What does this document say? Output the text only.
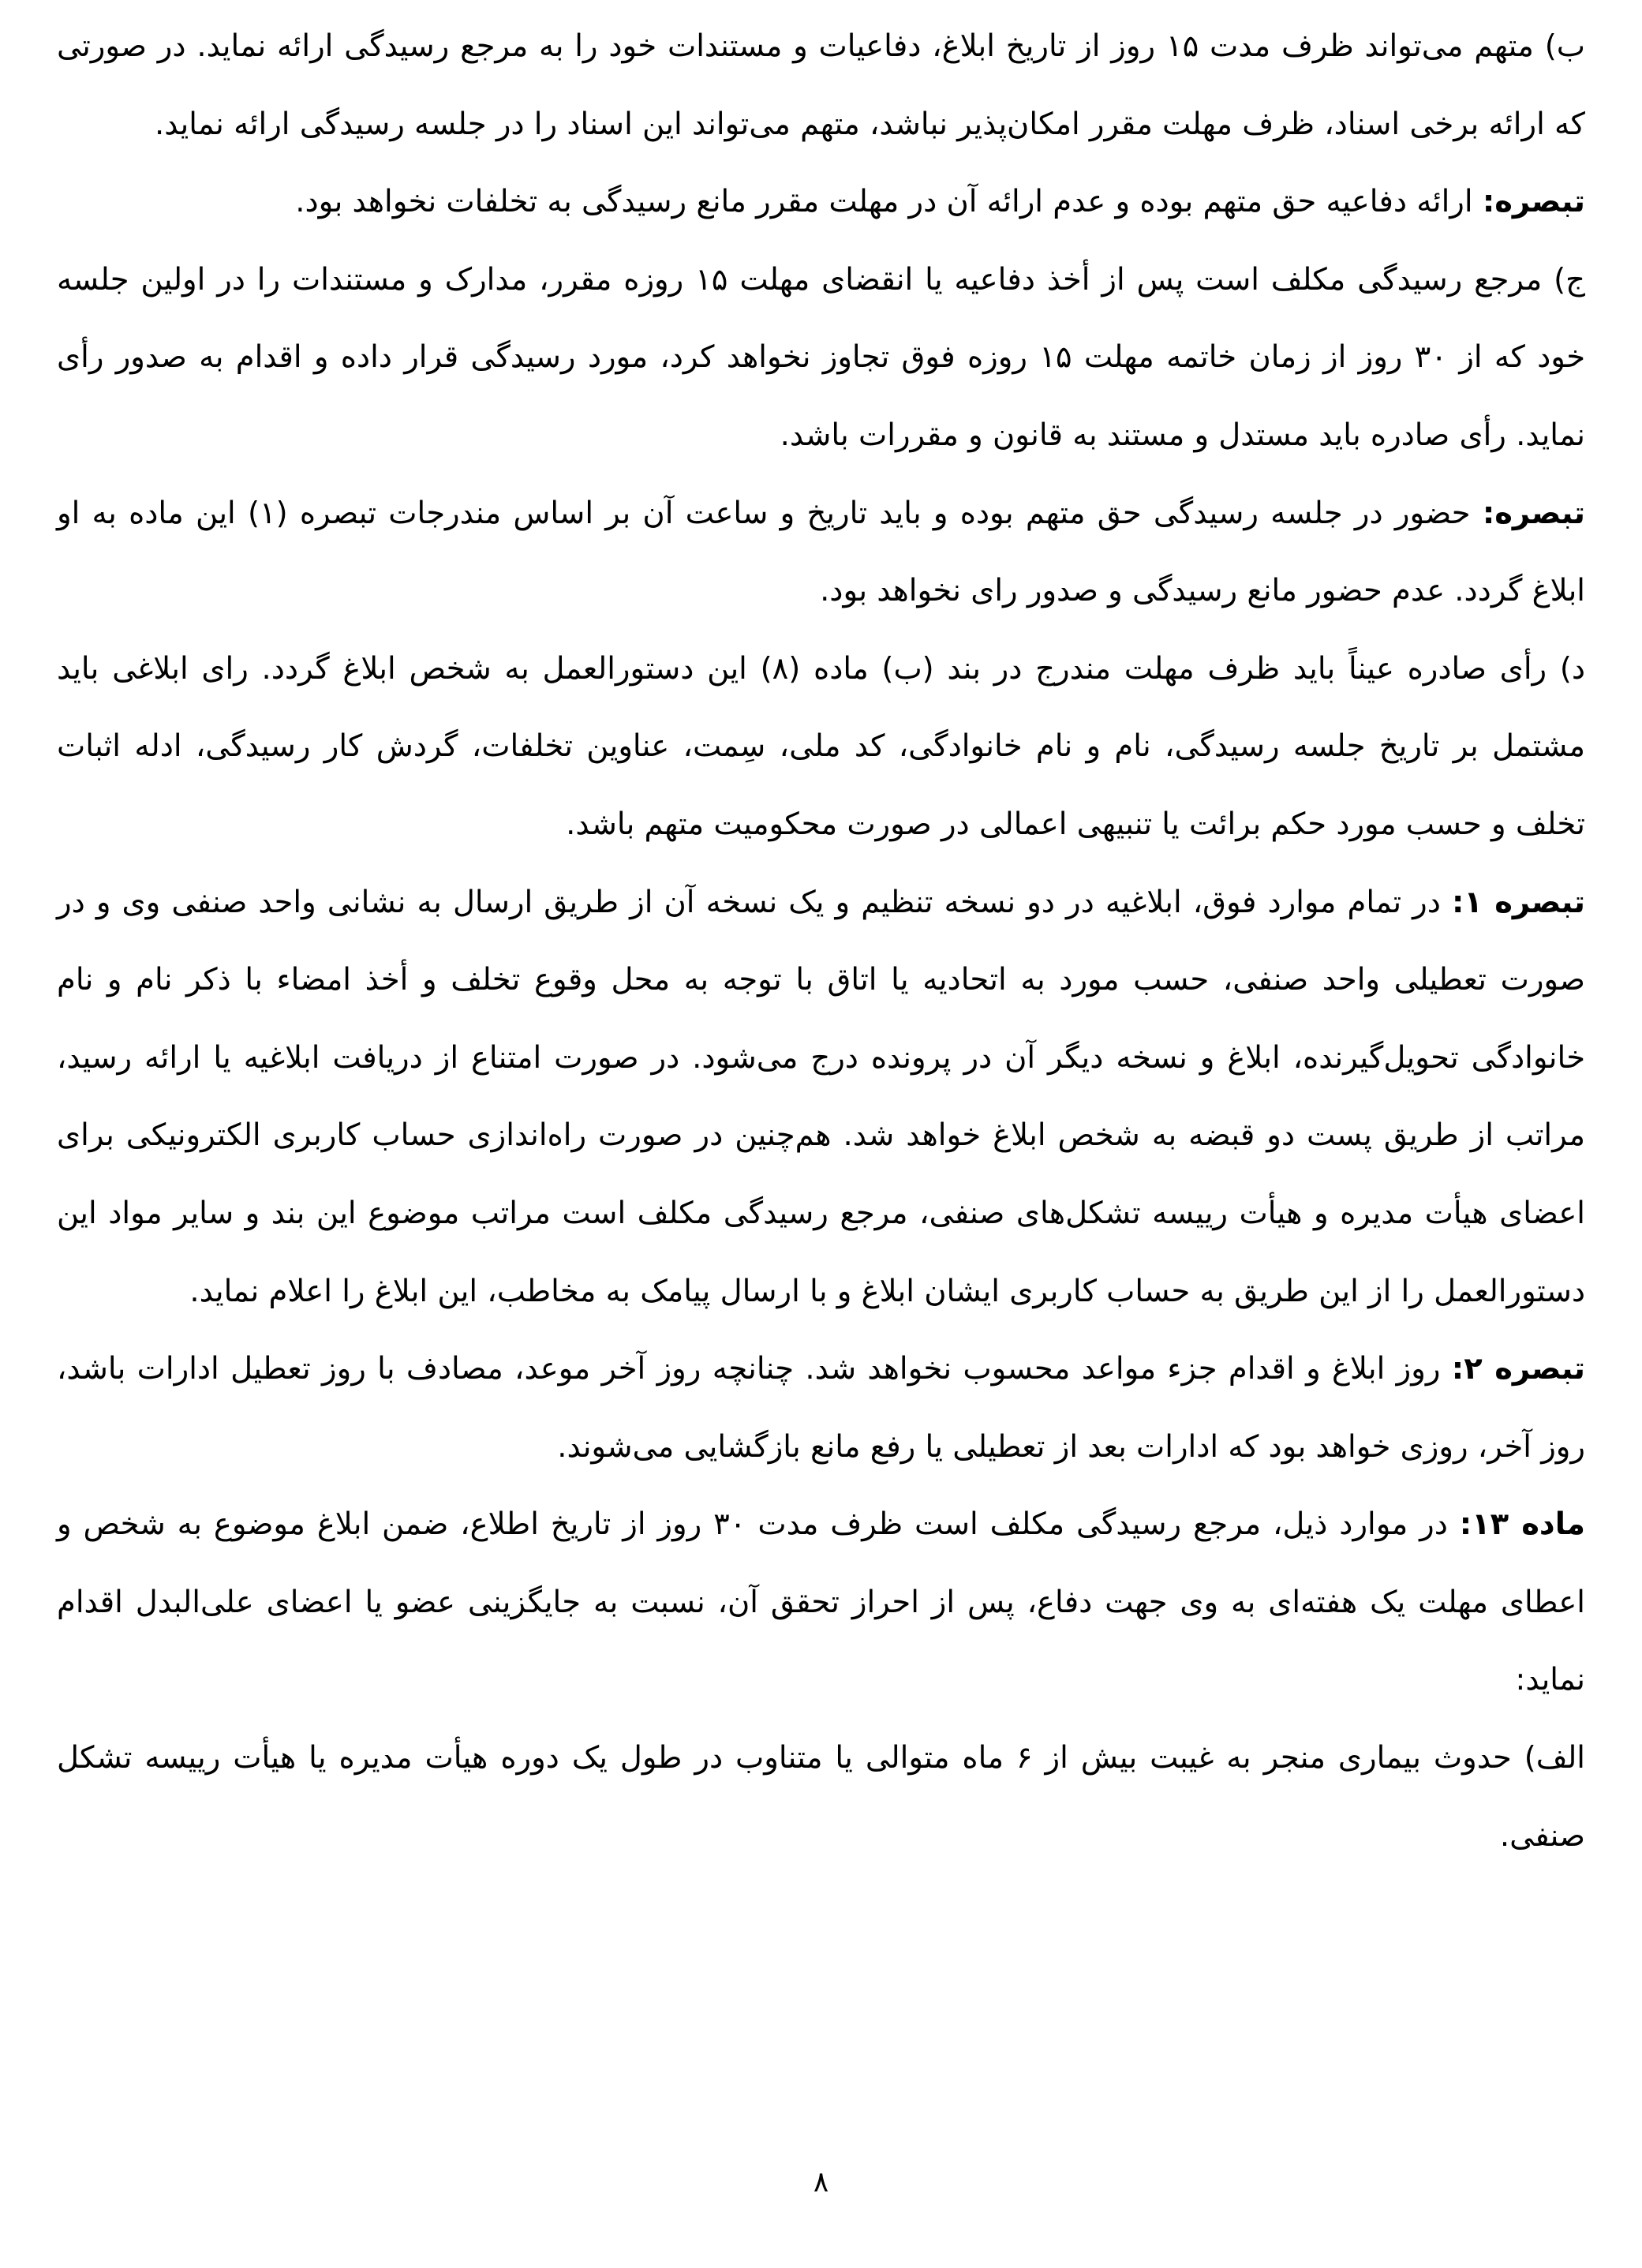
ب) متهم می‌تواند ظرف مدت ۱۵ روز از تاریخ ابلاغ، دفاعیات و مستندات خود را به مرجع رسیدگی ارائه نماید. در صورتی که ارائه برخی اسناد، ظرف مهلت مقرر امکان‌پذیر نباشد، متهم می‌تواند این اسناد را در جلسه رسیدگی ارائه نماید.

تبصره: ارائه دفاعیه حق متهم بوده و عدم ارائه آن در مهلت مقرر مانع رسیدگی به تخلفات نخواهد بود.

ج) مرجع رسیدگی مکلف است پس از أخذ دفاعیه یا انقضای مهلت ۱۵ روزه مقرر، مدارک و مستندات را در اولین جلسه خود که از ۳۰ روز از زمان خاتمه مهلت ۱۵ روزه فوق تجاوز نخواهد کرد، مورد رسیدگی قرار داده و اقدام به صدور رأی نماید. رأی صادره باید مستدل و مستند به قانون و مقررات باشد.

تبصره: حضور در جلسه رسیدگی حق متهم بوده و باید تاریخ و ساعت آن بر اساس مندرجات تبصره (۱) این ماده به او ابلاغ گردد. عدم حضور مانع رسیدگی و صدور رای نخواهد بود.

د) رأی صادره عیناً باید ظرف مهلت مندرج در بند (ب) ماده (۸) این دستورالعمل به شخص ابلاغ گردد. رای ابلاغی باید مشتمل بر تاریخ جلسه رسیدگی، نام و نام خانوادگی، کد ملی، سِمت، عناوین تخلفات، گردش کار رسیدگی، ادله اثبات تخلف و حسب مورد حکم برائت یا تنبیهی اعمالی در صورت محکومیت متهم باشد.

تبصره ۱: در تمام موارد فوق، ابلاغیه در دو نسخه تنظیم و یک نسخه آن از طریق ارسال به نشانی واحد صنفی وی و در صورت تعطیلی واحد صنفی، حسب مورد به اتحادیه یا اتاق با توجه به محل وقوع تخلف و أخذ امضاء با ذکر نام و نام خانوادگی تحویل‌گیرنده، ابلاغ و نسخه دیگر آن در پرونده درج می‌شود. در صورت امتناع از دریافت ابلاغیه یا ارائه رسید، مراتب از طریق پست دو قبضه به شخص ابلاغ خواهد شد. هم‌چنین در صورت راه‌اندازی حساب کاربری الکترونیکی برای اعضای هیأت مدیره و هیأت رییسه تشکل‌های صنفی، مرجع رسیدگی مکلف است مراتب موضوع این بند و سایر مواد این دستورالعمل را از این طریق به حساب کاربری ایشان ابلاغ و با ارسال پیامک به مخاطب، این ابلاغ را اعلام نماید.

تبصره ۲: روز ابلاغ و اقدام جزء مواعد محسوب نخواهد شد. چنانچه روز آخر موعد، مصادف با روز تعطیل ادارات باشد، روز آخر، روزی خواهد بود که ادارات بعد از تعطیلی یا رفع مانع بازگشایی می‌شوند.

ماده ۱۳: در موارد ذیل، مرجع رسیدگی مکلف است ظرف مدت ۳۰ روز از تاریخ اطلاع، ضمن ابلاغ موضوع به شخص و اعطای مهلت یک هفته‌ای به وی جهت دفاع، پس از احراز تحقق آن، نسبت به جایگزینی عضو یا اعضای علی‌البدل اقدام نماید:

الف) حدوث بیماری منجر به غیبت بیش از ۶ ماه متوالی یا متناوب در طول یک دوره هیأت مدیره یا هیأت رییسه تشکل صنفی.

۸
